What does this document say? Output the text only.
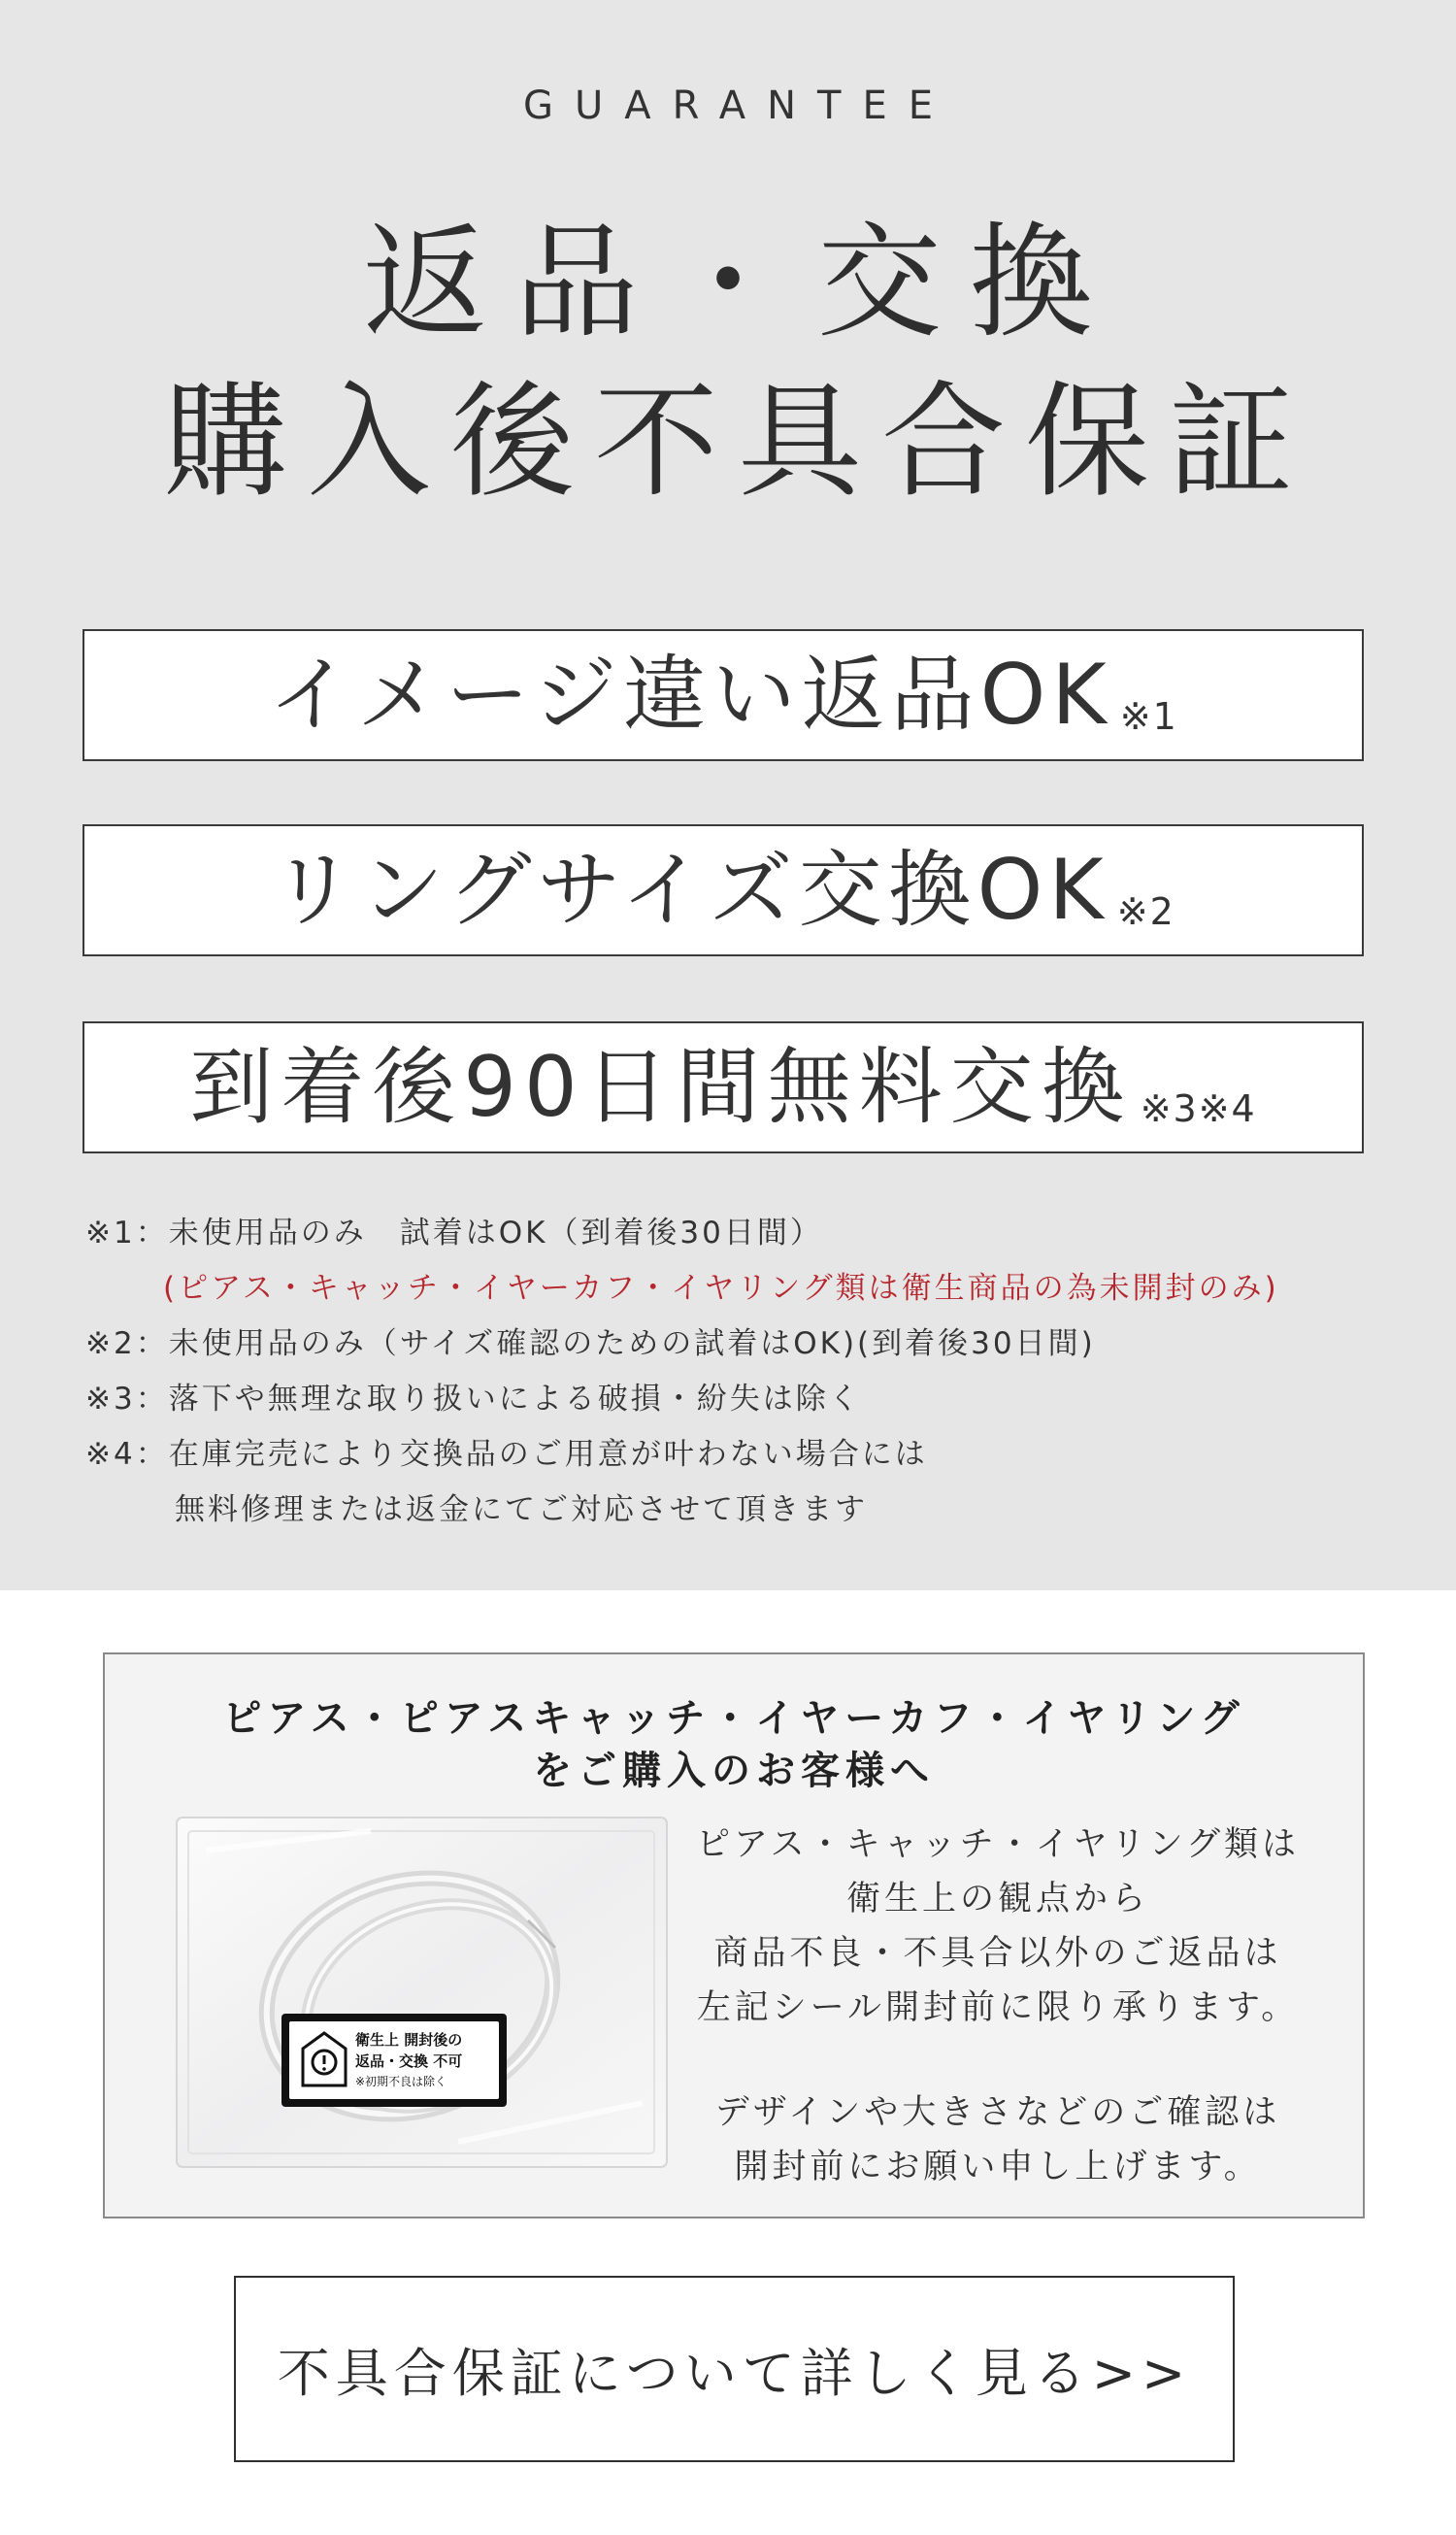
GUARANTEE
返品・交換
購入後不具合保証
イメージ違い返品OK ※1
リングサイズ交換OK ※2
到着後90日間無料交換 ※3※4
※1：未使用品のみ　試着はOK（到着後30日間）
(ピアス・キャッチ・イヤーカフ・イヤリング類は衛生商品の為未開封のみ)
※2：未使用品のみ（サイズ確認のための試着はOK)(到着後30日間)
※3：落下や無理な取り扱いによる破損・紛失は除く
※4：在庫完売により交換品のご用意が叶わない場合には
無料修理または返金にてご対応させて頂きます
ピアス・ピアスキャッチ・イヤーカフ・イヤリング
をご購入のお客様へ
衛生上 開封後の
返品・交換 不可
※初期不良は除く
ピアス・キャッチ・イヤリング類は
衛生上の観点から
商品不良・不具合以外のご返品は
左記シール開封前に限り承ります。
デザインや大きさなどのご確認は
開封前にお願い申し上げます。
不具合保証について詳しく見る>>
